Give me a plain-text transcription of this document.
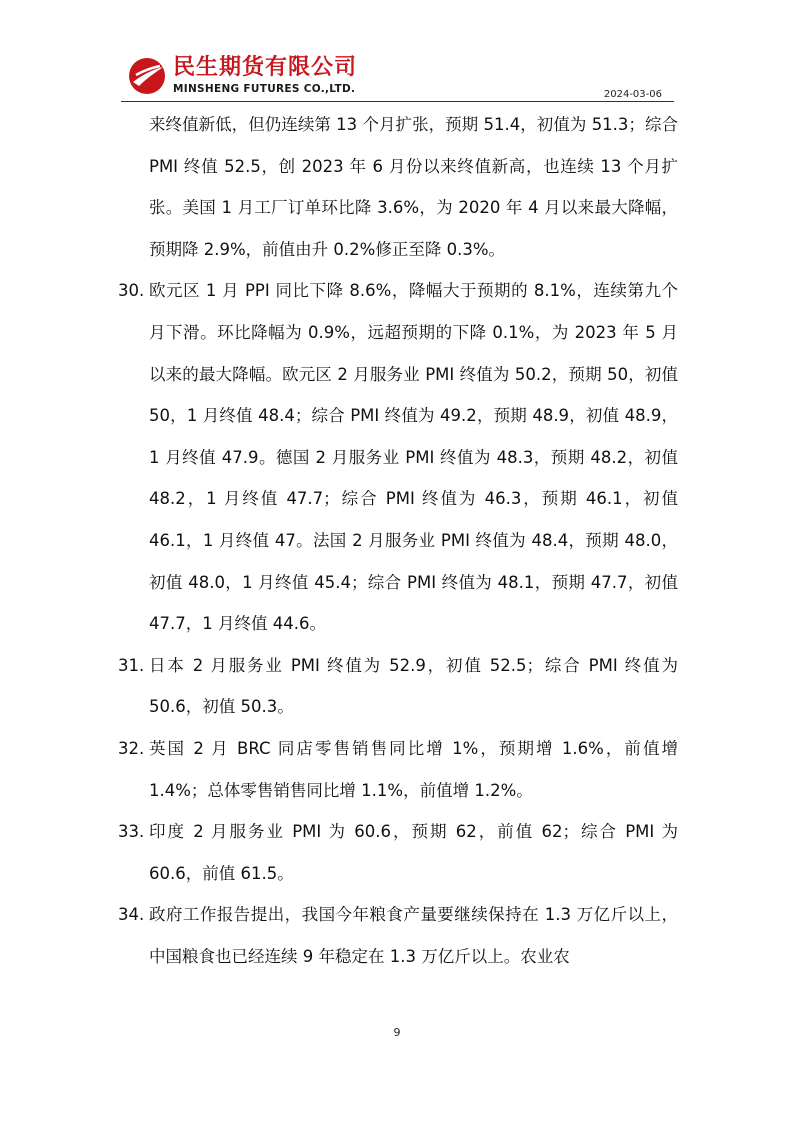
民生期货有限公司
MINSHENG FUTURES CO.,LTD.	2024-03-06
来终值新低，但仍连续第 13 个月扩张，预期 51.4，初值为 51.3；综合 PMI 终值 52.5，创 2023 年 6 月份以来终值新高，也连续 13 个月扩张。美国 1 月工厂订单环比降 3.6%，为 2020 年 4 月以来最大降幅，预期降 2.9%，前值由升 0.2%修正至降 0.3%。
30. 欧元区 1 月 PPI 同比下降 8.6%，降幅大于预期的 8.1%，连续第九个月下滑。环比降幅为 0.9%，远超预期的下降 0.1%，为 2023 年 5 月以来的最大降幅。欧元区 2 月服务业 PMI 终值为 50.2，预期 50，初值 50，1 月终值 48.4；综合 PMI 终值为 49.2，预期 48.9，初值 48.9，1 月终值 47.9。德国 2 月服务业 PMI 终值为 48.3，预期 48.2，初值 48.2，1 月终值 47.7；综合 PMI 终值为 46.3，预期 46.1，初值 46.1，1 月终值 47。法国 2 月服务业 PMI 终值为 48.4，预期 48.0，初值 48.0，1 月终值 45.4；综合 PMI 终值为 48.1，预期 47.7，初值 47.7，1 月终值 44.6。
31. 日本 2 月服务业 PMI 终值为 52.9，初值 52.5；综合 PMI 终值为 50.6，初值 50.3。
32. 英国 2 月 BRC 同店零售销售同比增 1%，预期增 1.6%，前值增 1.4%；总体零售销售同比增 1.1%，前值增 1.2%。
33. 印度 2 月服务业 PMI 为 60.6，预期 62，前值 62；综合 PMI 为 60.6，前值 61.5。
34. 政府工作报告提出，我国今年粮食产量要继续保持在 1.3 万亿斤以上，中国粮食也已经连续 9 年稳定在 1.3 万亿斤以上。农业农
9
